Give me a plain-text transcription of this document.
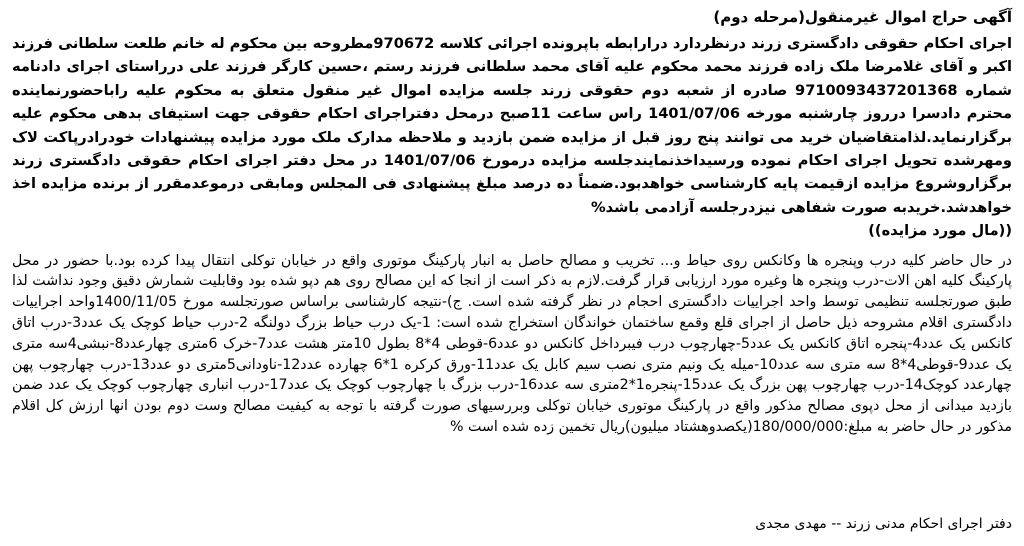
آگهی حراج اموال غیرمنقول(مرحله دوم)

اجرای احکام حقوقی دادگستری زرند درنظردارد درارابطه باپرونده اجرائی کلاسه 970672مطروحه بین محکوم له خانم طلعت سلطانی فرزند اکبر و آقای غلامرضا ملک زاده فرزند محمد محکوم علیه آقای محمد سلطانی فرزند رستم ،حسین کارگر فرزند علی درراستای اجرای دادنامه شماره 9710093437201368 صادره از شعبه دوم حقوقی زرند جلسه مزایده اموال غیر منقول متعلق به محکوم علیه راباحضورنماینده محترم دادسرا درروز چارشنبه مورخه 1401/07/06 راس ساعت 11صبح درمحل دفتراجرای احکام حقوقی جهت استیفای بدهی محکوم علیه برگزارنماید.لذامتقاضیان خرید می توانند پنج روز قبل از مزایده ضمن بازدید و ملاحظه مدارک ملک مورد مزایده پیشنهادات خودرادرپاکت لاک ومهرشده تحویل اجرای احکام نموده ورسیداخذنمایندجلسه مزایده درمورخ 1401/07/06 در محل دفتر اجرای احکام حقوقی دادگستری زرند برگزاروشروع مزایده ازقیمت پایه کارشناسی خواهدبود.ضمناً ده درصد مبلغ پیشنهادی فی المجلس ومابقی درموعدمقرر از برنده مزایده اخذ خواهدشد.خریدبه صورت شفاهی نیزدرجلسه آزادمی باشد%

((مال مورد مزایده))

در حال حاضر کلیه درب وپنجره ها وکانکس روی حیاط و... تخریب و مصالح حاصل به انبار پارکینگ موتوری واقع در خیابان توکلی انتقال پیدا کرده بود.با حضور در محل پارکینگ کلیه اهن الات-درب وپنجره ها وغیره مورد ارزیابی قرار گرفت.لازم به ذکر است از انجا که این مصالح روی هم دپو شده بود وقابلیت شمارش دقیق وجود نداشت لذا طبق صورتجلسه تنظیمی توسط واحد اجراییات دادگستری احجام در نظر گرفته شده است. ج)-نتیجه کارشناسی براساس صورتجلسه مورخ 1400/11/05واحد اجراییات دادگستری اقلام مشروحه ذیل حاصل از اجرای قلع وقمع ساختمان خواندگان استخراج شده است: 1-یک درب حیاط بزرگ دولنگه 2-درب حیاط کوچک یک عدد3-درب اتاق کانکس یک عدد4-پنجره اتاق کانکس یک عدد5-چهارچوب درب فیبرداخل کانکس دو عدد6-قوطی 4*8 بطول 10متر هشت عدد7-خرک 6متری چهارعدد8-نبشی4سه متری یک عدد9-قوطی4*8 سه متری سه عدد10-میله یک ونیم متری نصب سیم کابل یک عدد11-ورق کرکره 1*6 چهارده عدد12-ناودانی5متری دو عدد13-درب چهارچوب پهن چهارعدد کوچک14-درب چهارچوب پهن بزرگ یک عدد15-پنجره1*2متری سه عدد16-درب بزرگ با چهارچوب کوچک یک عدد17-درب انباری چهارچوب کوچک یک عدد ضمن بازدید میدانی از محل دپوی مصالح مذکور واقع در پارکینگ موتوری خیابان توکلی وبررسیهای صورت گرفته با توجه به کیفیت مصالح وست دوم بودن انها ارزش کل اقلام مذکور در حال حاضر به مبلغ:180/000/000(یکصدوهشتاد میلیون)ریال تخمین زده شده است %

دفتر اجرای احکام مدنی زرند -- مهدی مجدی
